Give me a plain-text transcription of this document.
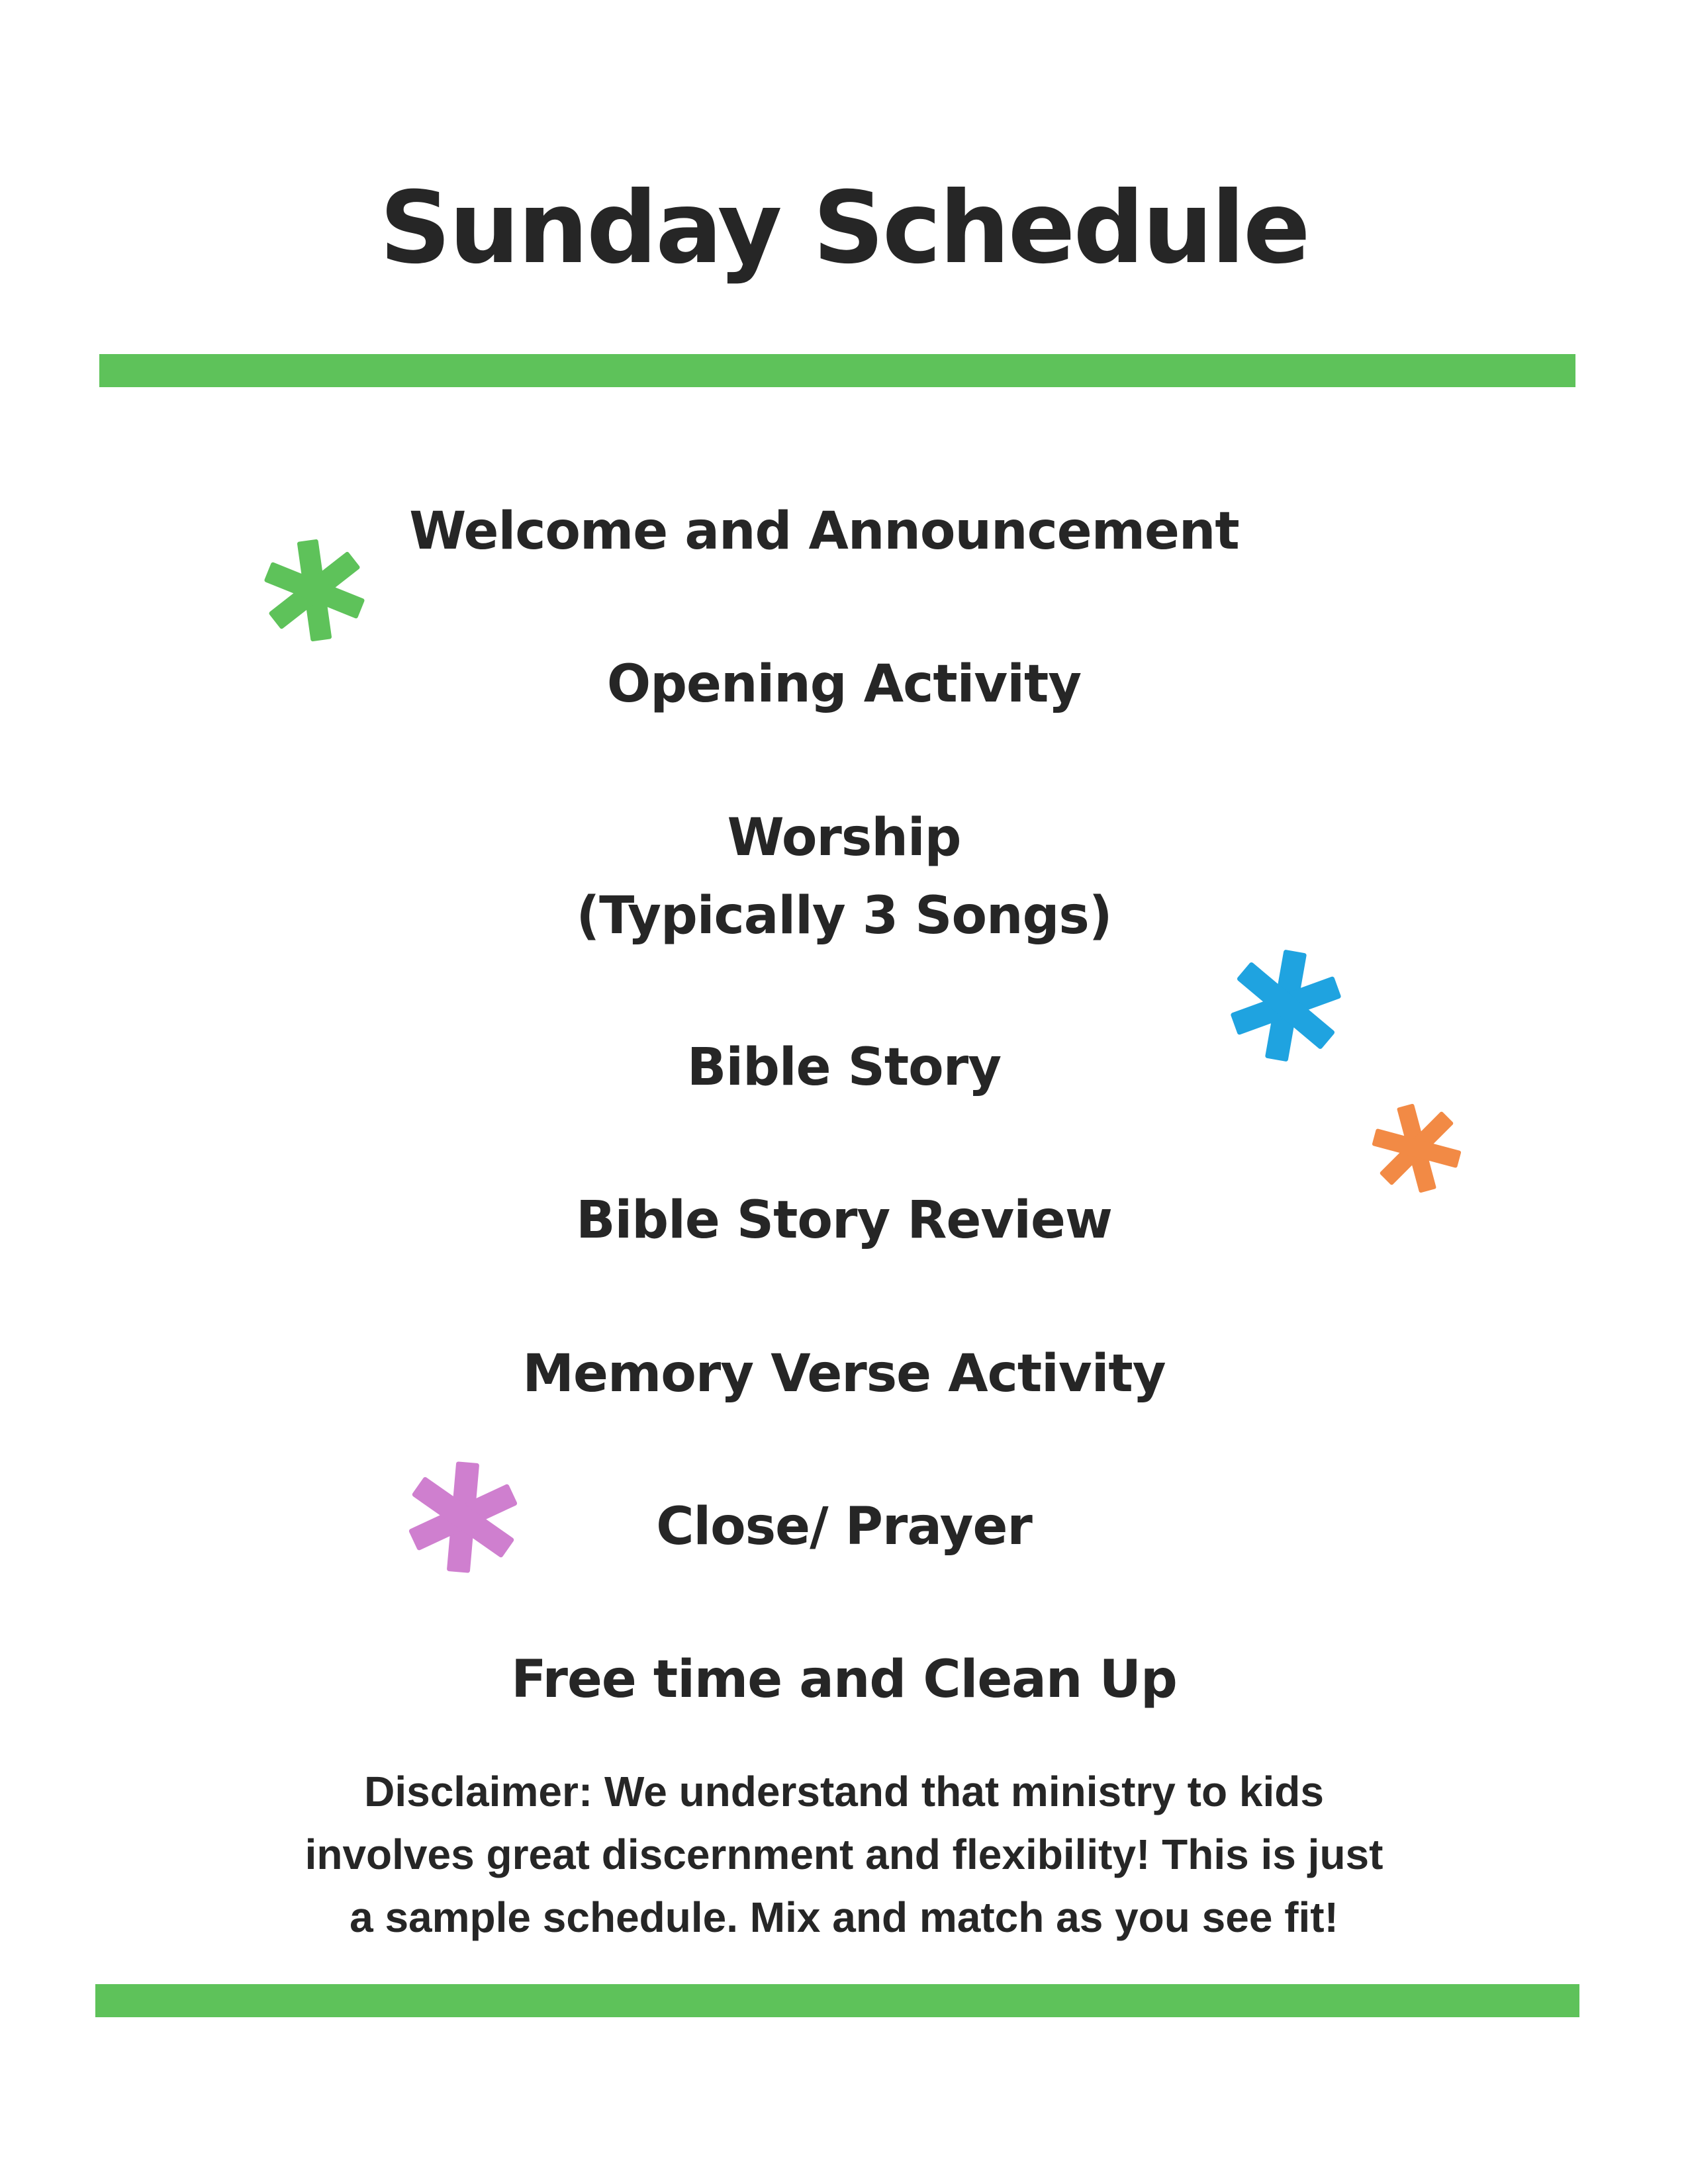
Sunday Schedule
Welcome and Announcement
Opening Activity
Worship
(Typically 3 Songs)
Bible Story
Bible Story Review
Memory Verse Activity
Close/ Prayer
Free time and Clean Up
Disclaimer: We understand that ministry to kids
involves great discernment and flexibility! This is just
a sample schedule. Mix and match as you see fit!
